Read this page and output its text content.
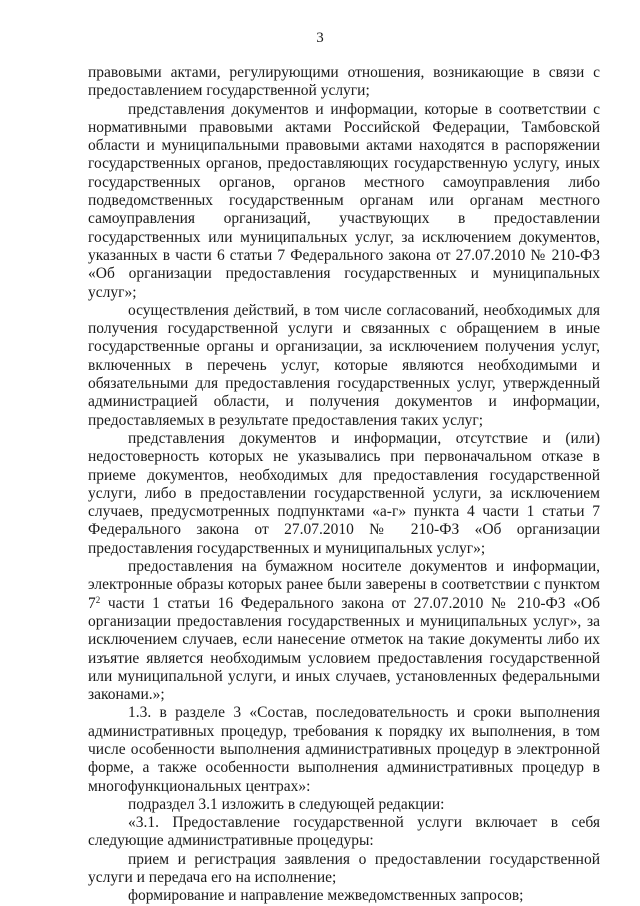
3

правовыми актами, регулирующими отношения, возникающие в связи с предоставлением государственной услуги;

представления документов и информации, которые в соответствии с нормативными правовыми актами Российской Федерации, Тамбовской области и муниципальными правовыми актами находятся в распоряжении государственных органов, предоставляющих государственную услугу, иных государственных органов, органов местного самоуправления либо подведомственных государственным органам или органам местного самоуправления организаций, участвующих в предоставлении государственных или муниципальных услуг, за исключением документов, указанных в части 6 статьи 7 Федерального закона от 27.07.2010 № 210-ФЗ «Об организации предоставления государственных и муниципальных услуг»;

осуществления действий, в том числе согласований, необходимых для получения государственной услуги и связанных с обращением в иные государственные органы и организации, за исключением получения услуг, включенных в перечень услуг, которые являются необходимыми и обязательными для предоставления государственных услуг, утвержденный администрацией области, и получения документов и информации, предоставляемых в результате предоставления таких услуг;

представления документов и информации, отсутствие и (или) недостоверность которых не указывались при первоначальном отказе в приеме документов, необходимых для предоставления государственной услуги, либо в предоставлении государственной услуги, за исключением случаев, предусмотренных подпунктами «а-г» пункта 4 части 1 статьи 7 Федерального закона от 27.07.2010 № 210-ФЗ «Об организации предоставления государственных и муниципальных услуг»;

предоставления на бумажном носителе документов и информации, электронные образы которых ранее были заверены в соответствии с пунктом $7^2$ части 1 статьи 16 Федерального закона от 27.07.2010 № 210-ФЗ «Об организации предоставления государственных и муниципальных услуг», за исключением случаев, если нанесение отметок на такие документы либо их изъятие является необходимым условием предоставления государственной или муниципальной услуги, и иных случаев, установленных федеральными законами.»;

1.3. в разделе 3 «Состав, последовательность и сроки выполнения административных процедур, требования к порядку их выполнения, в том числе особенности выполнения административных процедур в электронной форме, а также особенности выполнения административных процедур в многофункциональных центрах»:

подраздел 3.1 изложить в следующей редакции:

«3.1. Предоставление государственной услуги включает в себя следующие административные процедуры:

прием и регистрация заявления о предоставлении государственной услуги и передача его на исполнение;

формирование и направление межведомственных запросов;
